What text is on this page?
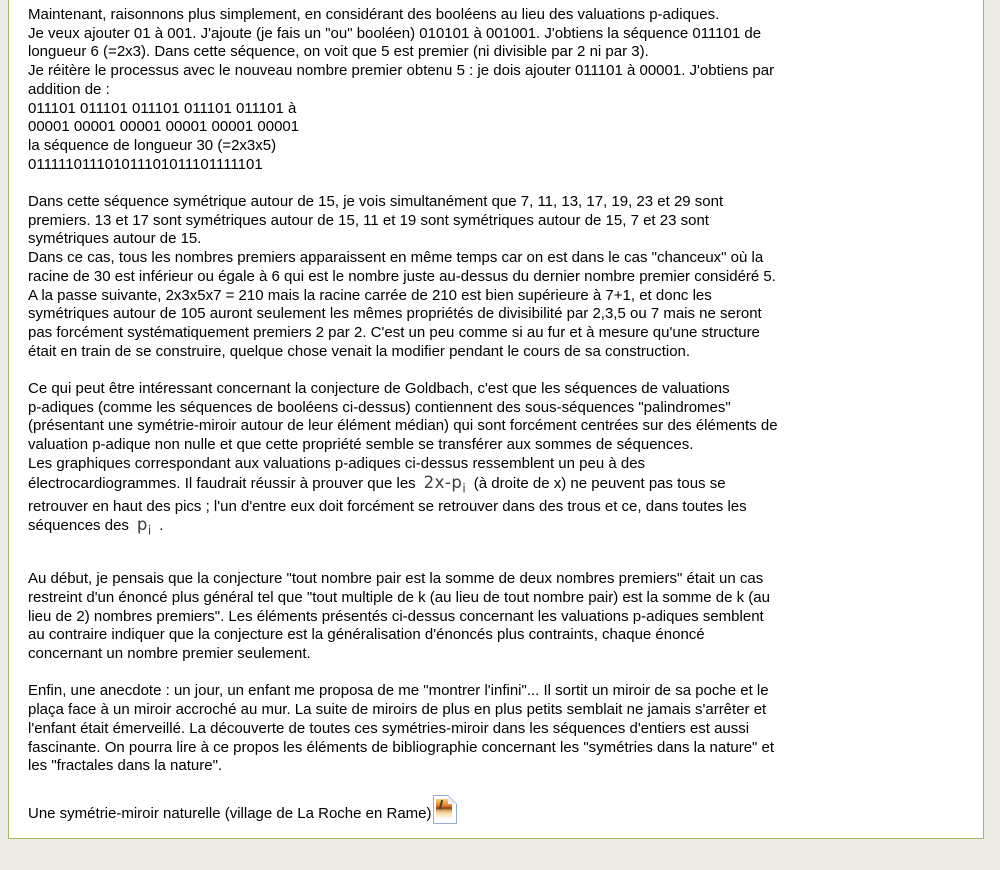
Maintenant, raisonnons plus simplement, en considérant des booléens au lieu des valuations p-adiques.
Je veux ajouter 01 à 001. J'ajoute (je fais un "ou" booléen) 010101 à 001001. J'obtiens la séquence 011101 de
longueur 6 (=2x3). Dans cette séquence, on voit que 5 est premier (ni divisible par 2 ni par 3).
Je réitère le processus avec le nouveau nombre premier obtenu 5 : je dois ajouter 011101 à 00001. J'obtiens par
addition de :
011101 011101 011101 011101 011101 à
00001 00001 00001 00001 00001 00001
la séquence de longueur 30 (=2x3x5)
011111011101011101011101111101
Dans cette séquence symétrique autour de 15, je vois simultanément que 7, 11, 13, 17, 19, 23 et 29 sont
premiers. 13 et 17 sont symétriques autour de 15, 11 et 19 sont symétriques autour de 15, 7 et 23 sont
symétriques autour de 15.
Dans ce cas, tous les nombres premiers apparaissent en même temps car on est dans le cas "chanceux" où la
racine de 30 est inférieur ou égale à 6 qui est le nombre juste au-dessus du dernier nombre premier considéré 5.
A la passe suivante, 2x3x5x7 = 210 mais la racine carrée de 210 est bien supérieure à 7+1, et donc les
symétriques autour de 105 auront seulement les mêmes propriétés de divisibilité par 2,3,5 ou 7 mais ne seront
pas forcément systématiquement premiers 2 par 2. C'est un peu comme si au fur et à mesure qu'une structure
était en train de se construire, quelque chose venait la modifier pendant le cours de sa construction.
Ce qui peut être intéressant concernant la conjecture de Goldbach, c'est que les séquences de valuations
p-adiques (comme les séquences de booléens ci-dessus) contiennent des sous-séquences "palindromes"
(présentant une symétrie-miroir autour de leur élément médian) qui sont forcément centrées sur des éléments de
valuation p-adique non nulle et que cette propriété semble se transférer aux sommes de séquences.
Les graphiques correspondant aux valuations p-adiques ci-dessus ressemblent un peu à des
électrocardiogrammes. Il faudrait réussir à prouver que les $2x-p_i$ (à droite de x) ne peuvent pas tous se
retrouver en haut des pics ; l'un d'entre eux doit forcément se retrouver dans des trous et ce, dans toutes les
séquences des $p_i$ .
Au début, je pensais que la conjecture "tout nombre pair est la somme de deux nombres premiers" était un cas
restreint d'un énoncé plus général tel que "tout multiple de k (au lieu de tout nombre pair) est la somme de k (au
lieu de 2) nombres premiers". Les éléments présentés ci-dessus concernant les valuations p-adiques semblent
au contraire indiquer que la conjecture est la généralisation d'énoncés plus contraints, chaque énoncé
concernant un nombre premier seulement.
Enfin, une anecdote : un jour, un enfant me proposa de me "montrer l'infini"... Il sortit un miroir de sa poche et le
plaça face à un miroir accroché au mur. La suite de miroirs de plus en plus petits semblait ne jamais s'arrêter et
l'enfant était émerveillé. La découverte de toutes ces symétries-miroir dans les séquences d'entiers est aussi
fascinante. On pourra lire à ce propos les éléments de bibliographie concernant les "symétries dans la nature" et
les "fractales dans la nature".
Une symétrie-miroir naturelle (village de La Roche en Rame)
